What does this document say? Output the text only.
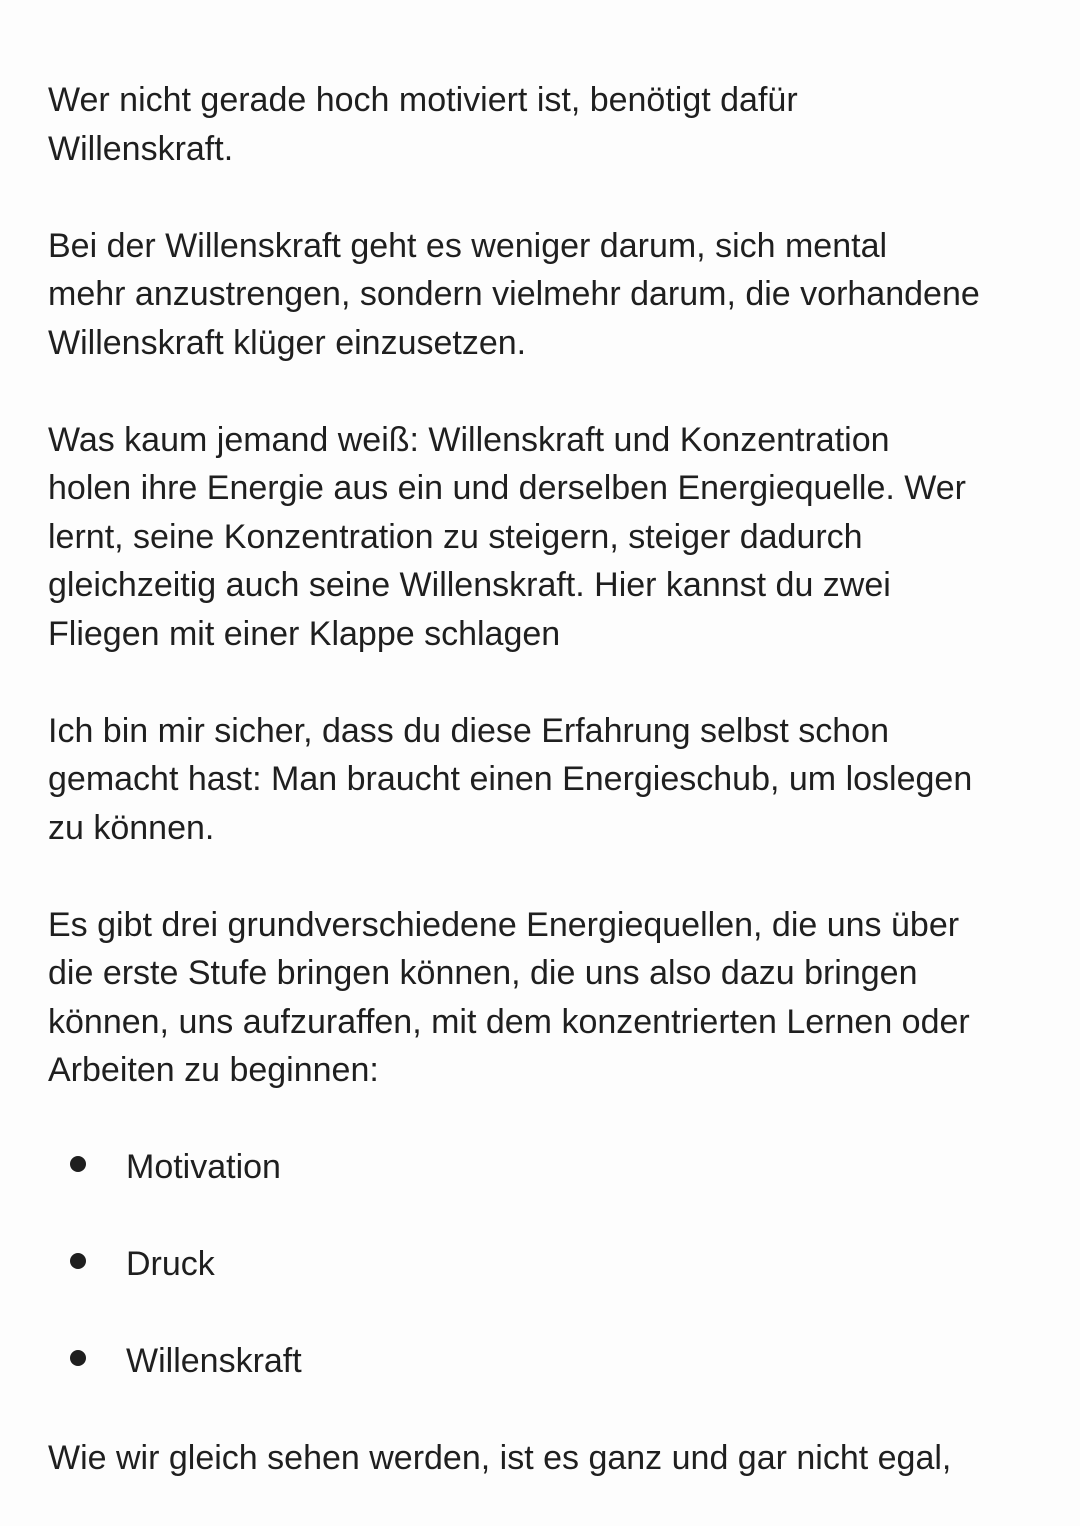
Wer nicht gerade hoch motiviert ist, benötigt dafür
Willenskraft.

Bei der Willenskraft geht es weniger darum, sich mental
mehr anzustrengen, sondern vielmehr darum, die vorhandene
Willenskraft klüger einzusetzen.

Was kaum jemand weiß: Willenskraft und Konzentration
holen ihre Energie aus ein und derselben Energiequelle. Wer
lernt, seine Konzentration zu steigern, steiger dadurch
gleichzeitig auch seine Willenskraft. Hier kannst du zwei
Fliegen mit einer Klappe schlagen

Ich bin mir sicher, dass du diese Erfahrung selbst schon
gemacht hast: Man braucht einen Energieschub, um loslegen
zu können.

Es gibt drei grundverschiedene Energiequellen, die uns über
die erste Stufe bringen können, die uns also dazu bringen
können, uns aufzuraffen, mit dem konzentrierten Lernen oder
Arbeiten zu beginnen:

Motivation
Druck
Willenskraft

Wie wir gleich sehen werden, ist es ganz und gar nicht egal,
